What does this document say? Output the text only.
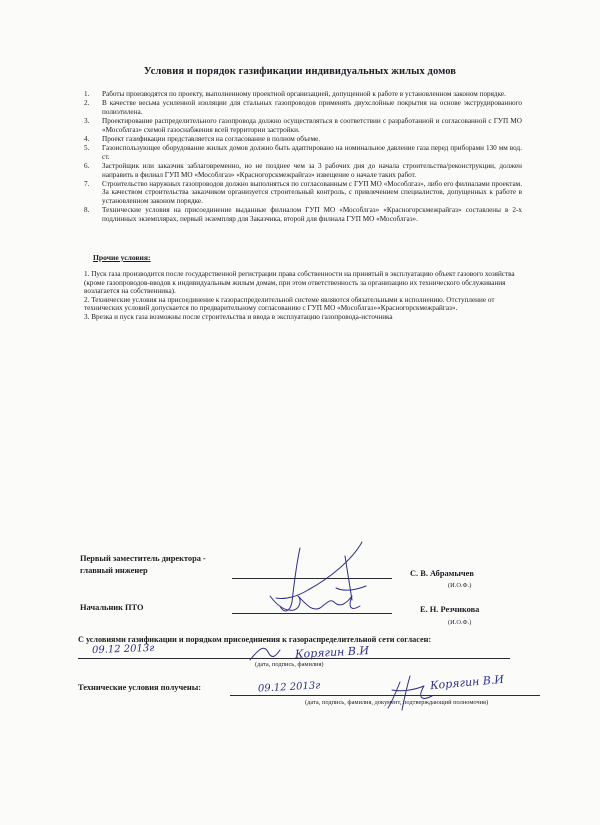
Условия и порядок газификации индивидуальных жилых домов
1.	Работы производятся по проекту, выполненному проектной организацией, допущенной к работе в установленном законом порядке.
2.	В качестве весьма усиленной изоляции для стальных газопроводов применять двухслойные покрытия на основе экструдированного полиэтилена.
3.	Проектирование распределительного газопровода должно осуществляться в соответствии с разработанной и согласованной с ГУП МО «Мособлгаз» схемой газоснабжения всей территории застройки.
4.	Проект газификации представляется на согласование в полном объеме.
5.	Газоиспользующее оборудование жилых домов должно быть адаптировано на номинальное давление газа перед приборами 130 мм вод. ст.
6.	Застройщик или заказчик заблаговременно, но не позднее чем за 3 рабочих дня до начала строительства/реконструкции, должен направить в филиал ГУП МО «Мособлгаз» «Красногорскмежрайгаз» извещение о начале таких работ.
7.	Строительство наружных газопроводов должно выполняться по согласованным с ГУП МО «Мособлгаз», либо его филиалами проектам. За качеством строительства заказчиком организуется строительный контроль, с привлечением специалистов, допущенных к работе в установленном законом порядке.
8.	Технические условия на присоединение выданные филиалом ГУП МО «Мособлгаз» «Красногорскмежрайгаз» составлены в 2-х подлинных экземплярах, первый экземпляр для Заказчика, второй для филиала ГУП МО «Мособлгаз».
Прочие условия:

1. Пуск газа производится после государственной регистрации права собственности на принятый в эксплуатацию объект газового хозяйства (кроме газопроводов-вводов к индивидуальным жилым домам, при этом ответственность за организацию их технического обслуживания возлагается на собственника).

2. Технические условия на присоединение к газораспределительной системе являются обязательными к исполнению. Отступление от технических условий допускается по предварительному согласованию с ГУП МО «Мособлгаз»«Красногорскмежрайгаз».

3. Врезка и пуск газа возможны после строительства и ввода в эксплуатацию газопровода-источника

Первый заместитель директора -
главный инженер	С. В. Абрамычев
(И.О.Ф.)
Начальник ПТО	Е. Н. Резчикова
(И.О.Ф.)
С условиями газификации и порядком присоединения к газораспределительной сети согласен:
09.12 2013г	Корягин В.И
(дата, подпись, фамилия)
Технические условия получены:	09.12 2013г	Корягин В.И
(дата, подпись, фамилия, документ, подтверждающий полномочия)
